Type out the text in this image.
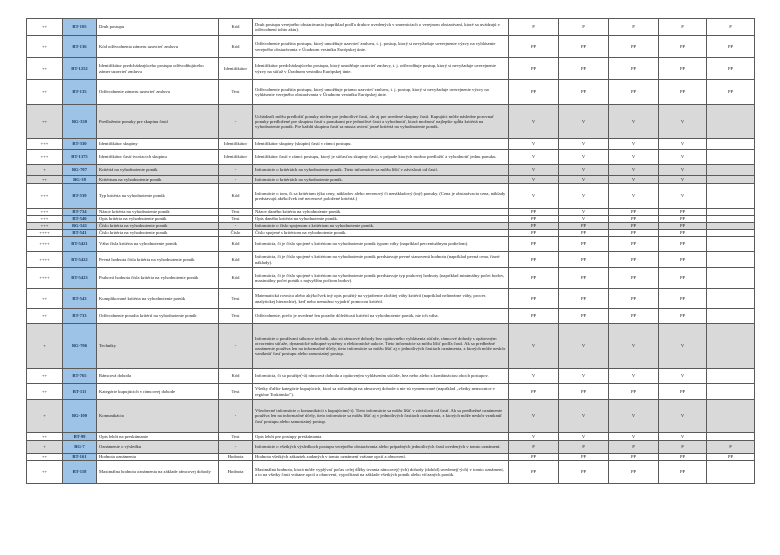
++	BT-105	Druh postupu	Kód	Druh postupu verejného obstarávania (napríklad podľa druhov uvedených v smerniciach o verejnom obstarávaní, ktoré sa uvádzajú v odôvodnení tohto aktu).	P	P	P	P	P
++	BT-136	Kód odôvodnenia zámeru uzavrieť zmluvu	Kód	Odôvodnenie použitia postupu, ktorý umožňuje uzavrieť zmluvu, t. j. postup, ktorý si nevyžaduje uverejnenie výzvy na vyhlásenie verejného obstarávania v Úradnom vestníku Európskej únie.	PP	PP	PP	PP	PP
++	BT-1252	Identifikátor predchádzajúceho postupu odôvodňujúceho zámer uzavrieť zmluvu	Identifikátor	Identifikátor predchádzajúceho postupu, ktorý umožňuje uzavrieť zmluvy, t. j. odôvodňuje postup, ktorý si nevyžaduje uverejnenie výzvy na súťaž v Úradnom vestníku Európskej únie.	PP	PP	PP	PP	PP
++	BT-135	Odôvodnenie zámeru uzavrieť zmluvu	Text	Odôvodnenie použitia postupu, ktorý umožňuje priamo uzavrieť zmluvu, t. j. postup, ktorý si nevyžaduje uverejnenie výzvy na vyhlásenie verejného obstarávania v Úradnom vestníku Európskej únie.	PP	PP	PP	PP	PP
++	BG-330	Predloženie ponuky pre skupinu častí	-	Uchádzači môžu predložiť ponuky nielen pre jednotlivé časti, ale aj pre uvedené skupiny častí. Kupujúci môže následne porovnať ponuky predložené pre skupinu častí s ponukami pre jednotlivé časti a vyhodnotiť, ktorá možnosť najlepšie spĺňa kritériá na vyhodnotenie ponúk. Pre každú skupinu častí sa musia uviesť jasné kritériá na vyhodnotenie ponúk.	V	V	V	V	
+++	BT-330	Identifikátor skupiny	Identifikátor	Identifikátor skupiny (skupín) častí v rámci postupu.	V	V	V	V	
+++	BT-1375	Identifikátor častí tvoriacich skupinu	Identifikátor	Identifikátor častí v rámci postupu, ktorý je súčasťou skupiny častí, v prípade ktorých možno predložiť a vyhodnotiť jednu ponuku.	V	V	V	V	
+	BG-707	Kritériá na vyhodnotenie ponúk	-	Informácie o kritériách na vyhodnotenie ponúk. Tieto informácie sa môžu líšiť v závislosti od častí.	V	V	V	V	
++	BG-38	Kritérium na vyhodnotenie ponúk	-	Informácie o kritériách na vyhodnotenie ponúk.	V	V	V	V	
+++	BT-539	Typ kritéria na vyhodnotenie ponúk	Kód	Informácie o tom, či sa kritérium týka ceny, nákladov alebo necenový či nenákladový (iný) ponuky. (Cena je obstarávacia cena, náklady predstavujú akékoľvek iné necenové položené kritériá.)	V	V	V	V	
+++	BT-734	Názov kritéria na vyhodnotenie ponúk	Text	Názov daného kritéria na vyhodnotenie ponúk.	PP	V	PP	PP	
+++	BT-540	Opis kritéria na vyhodnotenie ponúk	Text	Opis daného kritéria na vyhodnotenie ponúk.	PP	V	PP	PP	
+++	BG-541	Číslo kritéria na vyhodnotenie ponúk	-	Informácie o číslo spojenom s kritériom na vyhodnotenie ponúk.	PP	PP	PP	PP	
++++	BT-541	Číslo kritéria na vyhodnotenie ponúk	Číslo	Číslo spojené s kritériom na vyhodnotenie ponúk.	PP	PP	PP	PP	
++++	BT-5421	Váha čísla kritéria na vyhodnotenie ponúk	Kód	Informácia, či je číslo spojené s kritériom na vyhodnotenie ponúk typom váhy (napríklad percentuálnym podielom).	PP	PP	PP	PP	
++++	BT-5422	Pevná hodnota čísla kritéria na vyhodnotenie ponúk	Kód	Informácia, či je číslo spojené s kritériom na vyhodnotenie ponúk predstavuje pevné stanovenú hodnotu (napríklad pevná cena, fixné náklady).	PP	PP	PP	PP	
++++	BT-5423	Prahová hodnota čísla kritéria na vyhodnotenie ponúk	Kód	Informácia, či je číslo spojené s kritériom na vyhodnotenie ponúk predstavuje typ prahovej hodnoty (napríklad minimálny počet bodov, maximálny počet ponúk s najvyšším počtom bodov).	PP	PP	PP	PP	
++	BT-543	Komplikované kritéria na vyhodnotenie ponúk	Text	Matematická rovnica alebo akýkoľvek iný opis použitý na vyjadrenie zložitej váhy kritérií (napríklad nelineárne váhy, proces analytickej hierarchie), keď nebo nemožno vyjadriť pomocou kritérií.	PP	PP	PP	PP	
++	BT-733	Odôvodnenie poradia kritérií na vyhodnotenie ponúk	Text	Odôvodnenie, prečo je uvedené len poradie dôležitosti kritérií na vyhodnotenie ponúk, nie ich váha.	PP	PP	PP	PP	
+	BG-706	Techniky	-	Informácie o používaní súborov techník, ako sú rámcové dohody bez opätovného vyhlásenia súťaže, rámcové dohody s opätovným otvorením súťaže, dynamické nákupné systémy a elektronické aukcie. Tieto informácie sa môžu líšiť podľa častí. Ak sa predbežné oznámenie používa len na informačné účely, tieto informácie sa môžu líšiť aj v jednotlivých častiach oznámenia, z ktorých môže neskôr vzniknúť časť postupu alebo samostatný postup.	V	V	V	V	
++	BT-765	Rámcová dohoda	Kód	Informácia, či sa použije(-ú) rámcová dohoda a opätovným vyhlásením súťaže, bez nebo alebo s kombináciou oboch postupov.	V	V	V	V	
++	BT-111	Kategórie kupujúcich v rámcovej dohode	Text	Všetky ďalšie kategórie kupujúcich, ktorí sa zúčastňujú na rámcovej dohode a nie sú vymenované (napríklad „všetky nemocnice v regióne Toskánsko").	PP	PP	PP	PP	
+	BG-100	Komunikácia	-	Všeobecné informácie o komunikácii s kupujúcim(-i). Tieto informácie sa môžu líšiť v závislosti od častí. Ak sa predbežné oznámenie používa len na informačné účely, tieto informácie sa môžu líšiť aj v jednotlivých častiach oznámenia, z ktorých môže neskôr vzniknúť časť postupu alebo samostatný postup.	V	V	V	V	
++	BT-99	Opis lehôt na preskúmanie	Text	Opis lehôt pre postupy preskúmania.	V	V	V	V	
+	BG-7	Oznámenie o výsledku	-	Informácie o všetkých výsledkoch postupu verejného obstarávania alebo prípadných jednotlivých častí uvedených v tomto oznámení.	P	P	P	P	P
++	BT-161	Hodnota oznámenia	Hodnota	Hodnota všetkých zákaziek zadaných v tomto oznámení vrátane opcií a obnovení.	PP	PP	PP	PP	PP
++	BT-118	Maximálna hodnota oznámenia na základe rámcovej dohody	Hodnota	Maximálna hodnota, ktorá môže vyplývať počas celej dĺžky trvania rámcovej(-ých) dohody (dohôd) uvedenej(-ých) v tomto oznámení, a to na všetky časti vrátane opcií a obnovení, vypočítaná na základe všetkých ponúk alebo víťazných ponúk.	PP	PP	PP	PP	
